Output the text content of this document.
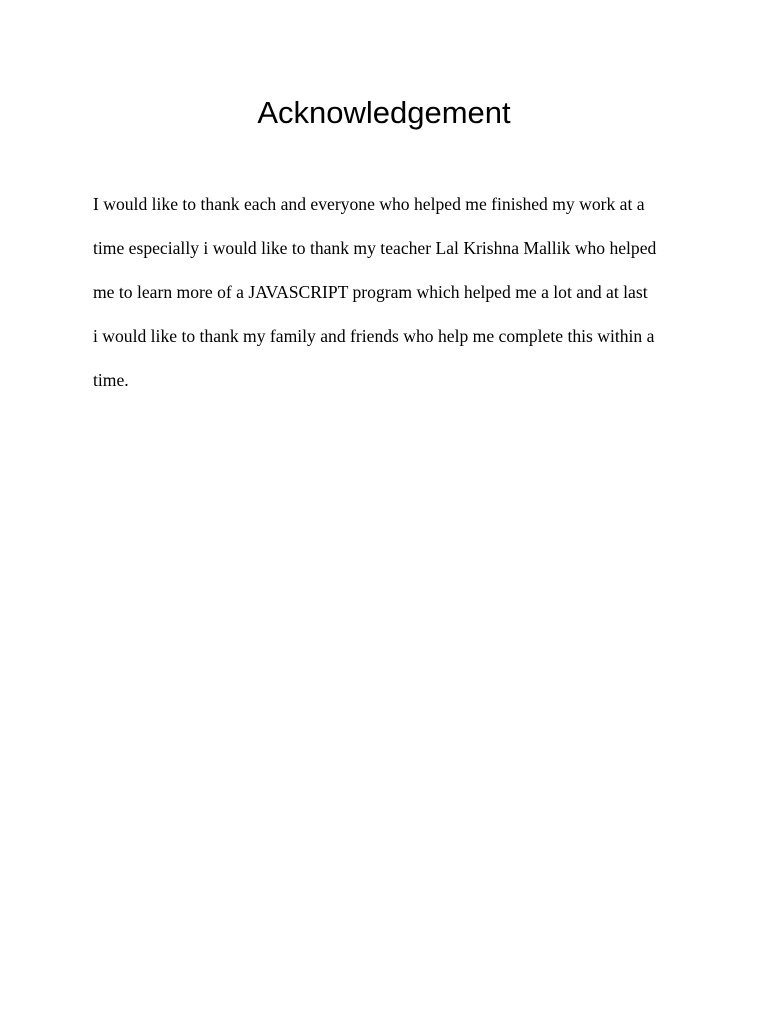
Acknowledgement
I would like to thank each and everyone who helped me finished my work at a
time especially i would like to thank my teacher Lal Krishna Mallik who helped
me to learn more of a JAVASCRIPT program which helped me a lot and at last
i would like to thank my family and friends who help me complete this within a
time.
